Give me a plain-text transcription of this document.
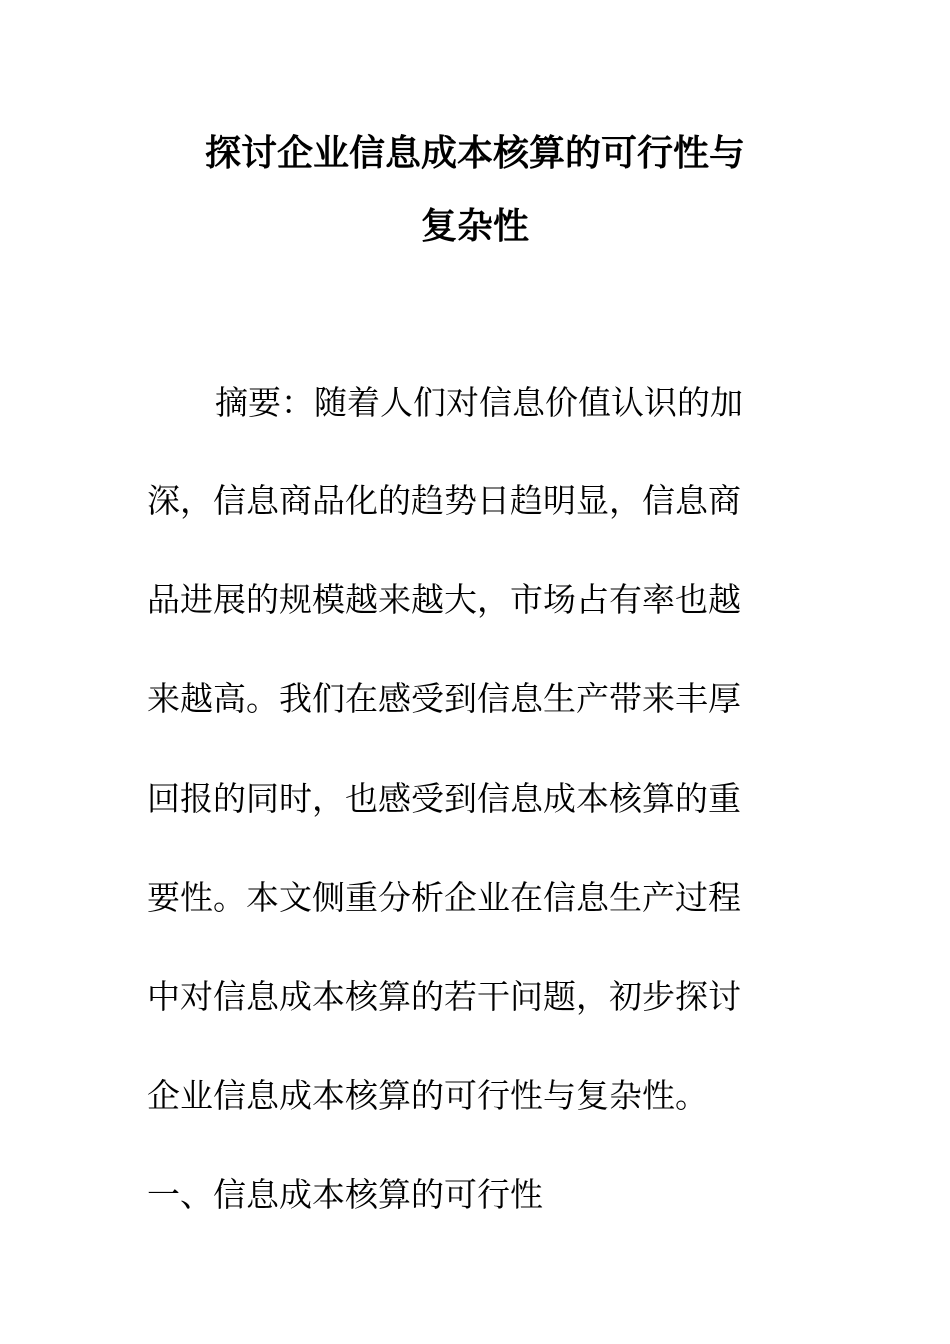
探讨企业信息成本核算的可行性与
复杂性
摘要：随着人们对信息价值认识的加
深，信息商品化的趋势日趋明显，信息商
品进展的规模越来越大，市场占有率也越
来越高。我们在感受到信息生产带来丰厚
回报的同时，也感受到信息成本核算的重
要性。本文侧重分析企业在信息生产过程
中对信息成本核算的若干问题，初步探讨
企业信息成本核算的可行性与复杂性。
一、信息成本核算的可行性
